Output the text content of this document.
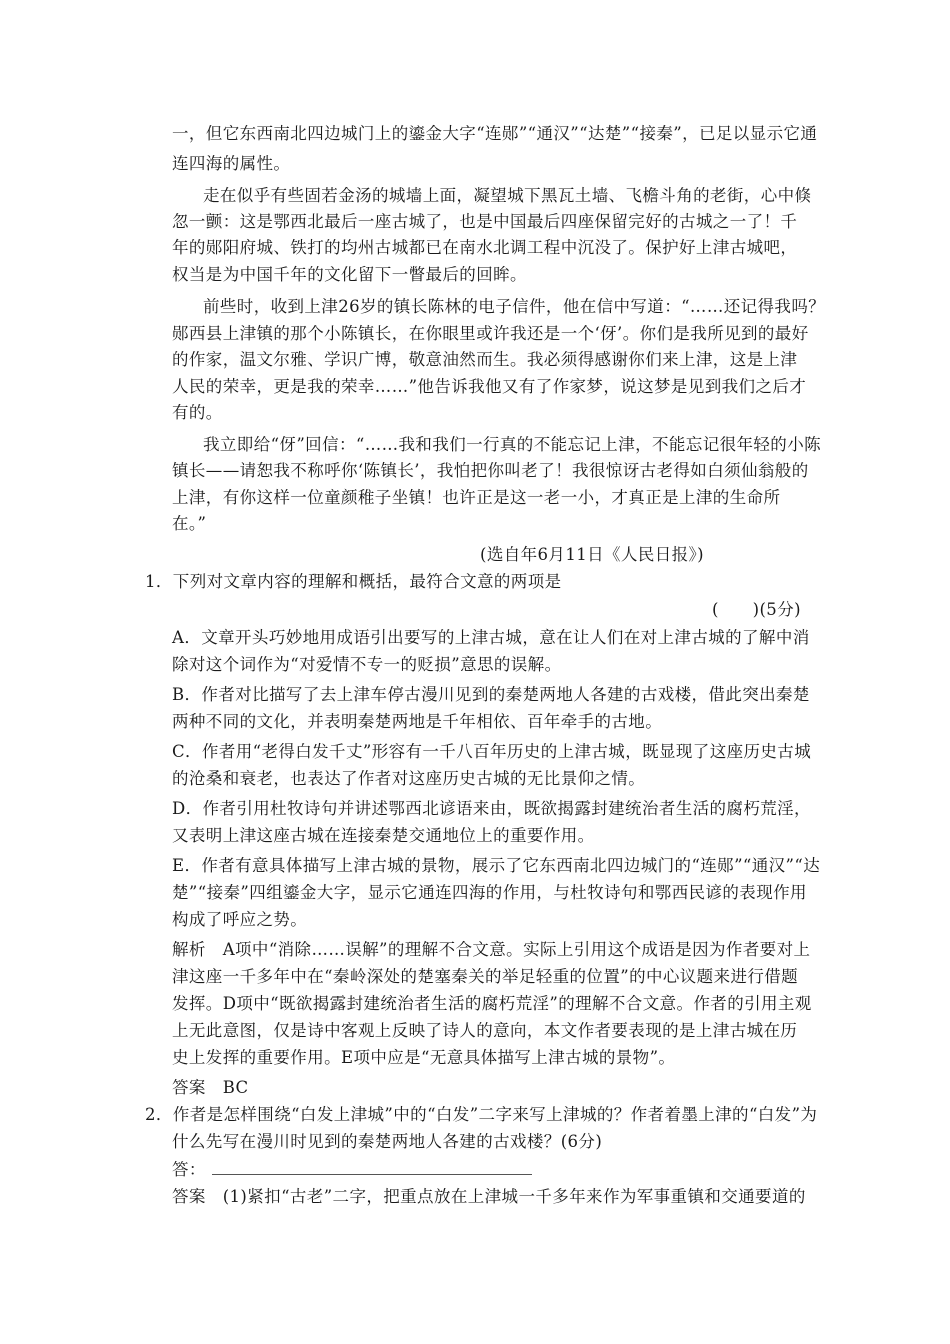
一，但它东西南北四边城门上的鎏金大字“连郧”“通汉”“达楚”“接秦”，已足以显示它通
连四海的属性。
走在似乎有些固若金汤的城墙上面，凝望城下黑瓦土墙、飞檐斗角的老街，心中倏
忽一颤：这是鄂西北最后一座古城了，也是中国最后四座保留完好的古城之一了！千
年的郧阳府城、铁打的均州古城都已在南水北调工程中沉没了。保护好上津古城吧，
权当是为中国千年的文化留下一瞥最后的回眸。
前些时，收到上津26岁的镇长陈林的电子信件，他在信中写道：“……还记得我吗？
郧西县上津镇的那个小陈镇长，在你眼里或许我还是一个‘伢’。你们是我所见到的最好
的作家，温文尔雅、学识广博，敬意油然而生。我必须得感谢你们来上津，这是上津
人民的荣幸，更是我的荣幸……”他告诉我他又有了作家梦，说这梦是见到我们之后才
有的。
我立即给“伢”回信：“……我和我们一行真的不能忘记上津，不能忘记很年轻的小陈
镇长——请恕我不称呼你‘陈镇长’，我怕把你叫老了！我很惊讶古老得如白须仙翁般的
上津，有你这样一位童颜稚子坐镇！也许正是这一老一小，才真正是上津的生命所
在。”
(选自年6月11日《人民日报》)
1．下列对文章内容的理解和概括，最符合文意的两项是
(　　)(5分)
A．文章开头巧妙地用成语引出要写的上津古城，意在让人们在对上津古城的了解中消
除对这个词作为“对爱情不专一的贬损”意思的误解。
B．作者对比描写了去上津车停古漫川见到的秦楚两地人各建的古戏楼，借此突出秦楚
两种不同的文化，并表明秦楚两地是千年相依、百年牵手的古地。
C．作者用“老得白发千丈”形容有一千八百年历史的上津古城，既显现了这座历史古城
的沧桑和衰老，也表达了作者对这座历史古城的无比景仰之情。
D．作者引用杜牧诗句并讲述鄂西北谚语来由，既欲揭露封建统治者生活的腐朽荒淫，
又表明上津这座古城在连接秦楚交通地位上的重要作用。
E．作者有意具体描写上津古城的景物，展示了它东西南北四边城门的“连郧”“通汉”“达
楚”“接秦”四组鎏金大字，显示它通连四海的作用，与杜牧诗句和鄂西民谚的表现作用
构成了呼应之势。
解析　A项中“消除……误解”的理解不合文意。实际上引用这个成语是因为作者要对上
津这座一千多年中在“秦岭深处的楚塞秦关的举足轻重的位置”的中心议题来进行借题
发挥。D项中“既欲揭露封建统治者生活的腐朽荒淫”的理解不合文意。作者的引用主观
上无此意图，仅是诗中客观上反映了诗人的意向，本文作者要表现的是上津古城在历
史上发挥的重要作用。E项中应是“无意具体描写上津古城的景物”。
答案　BC
2．作者是怎样围绕“白发上津城”中的“白发”二字来写上津城的？作者着墨上津的“白发”为
什么先写在漫川时见到的秦楚两地人各建的古戏楼？(6分)
答：
答案　(1)紧扣“古老”二字，把重点放在上津城一千多年来作为军事重镇和交通要道的
